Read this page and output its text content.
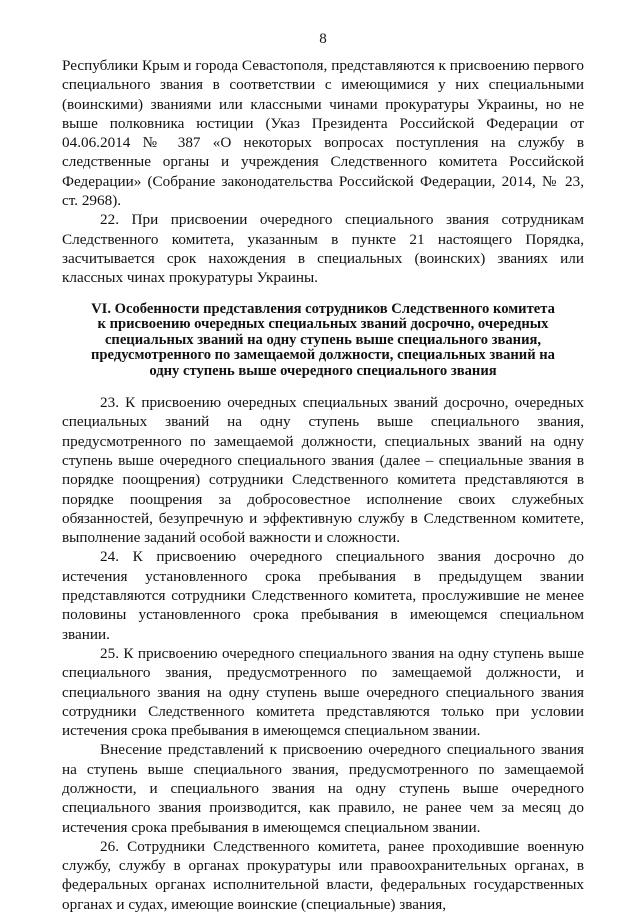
8

Республики Крым и города Севастополя, представляются к присвоению первого специального звания в соответствии с имеющимися у них специальными (воинскими) званиями или классными чинами прокуратуры Украины, но не выше полковника юстиции (Указ Президента Российской Федерации от 04.06.2014 № 387 «О некоторых вопросах поступления на службу в следственные органы и учреждения Следственного комитета Российской Федерации» (Собрание законодательства Российской Федерации, 2014, № 23, ст. 2968).

22. При присвоении очередного специального звания сотрудникам Следственного комитета, указанным в пункте 21 настоящего Порядка, засчитывается срок нахождения в специальных (воинских) званиях или классных чинах прокуратуры Украины.

VI. Особенности представления сотрудников Следственного комитета
к присвоению очередных специальных званий досрочно, очередных
специальных званий на одну ступень выше специального звания,
предусмотренного по замещаемой должности, специальных званий на
одну ступень выше очередного специального звания

23. К присвоению очередных специальных званий досрочно, очередных специальных званий на одну ступень выше специального звания, предусмотренного по замещаемой должности, специальных званий на одну ступень выше очередного специального звания (далее – специальные звания в порядке поощрения) сотрудники Следственного комитета представляются в порядке поощрения за добросовестное исполнение своих служебных обязанностей, безупречную и эффективную службу в Следственном комитете, выполнение заданий особой важности и сложности.

24. К присвоению очередного специального звания досрочно до истечения установленного срока пребывания в предыдущем звании представляются сотрудники Следственного комитета, прослужившие не менее половины установленного срока пребывания в имеющемся специальном звании.

25. К присвоению очередного специального звания на одну ступень выше специального звания, предусмотренного по замещаемой должности, и специального звания на одну ступень выше очередного специального звания сотрудники Следственного комитета представляются только при условии истечения срока пребывания в имеющемся специальном звании.

Внесение представлений к присвоению очередного специального звания на ступень выше специального звания, предусмотренного по замещаемой должности, и специального звания на одну ступень выше очередного специального звания производится, как правило, не ранее чем за месяц до истечения срока пребывания в имеющемся специальном звании.

26. Сотрудники Следственного комитета, ранее проходившие военную службу, службу в органах прокуратуры или правоохранительных органах, в федеральных органах исполнительной власти, федеральных государственных органах и судах, имеющие воинские (специальные) звания,
